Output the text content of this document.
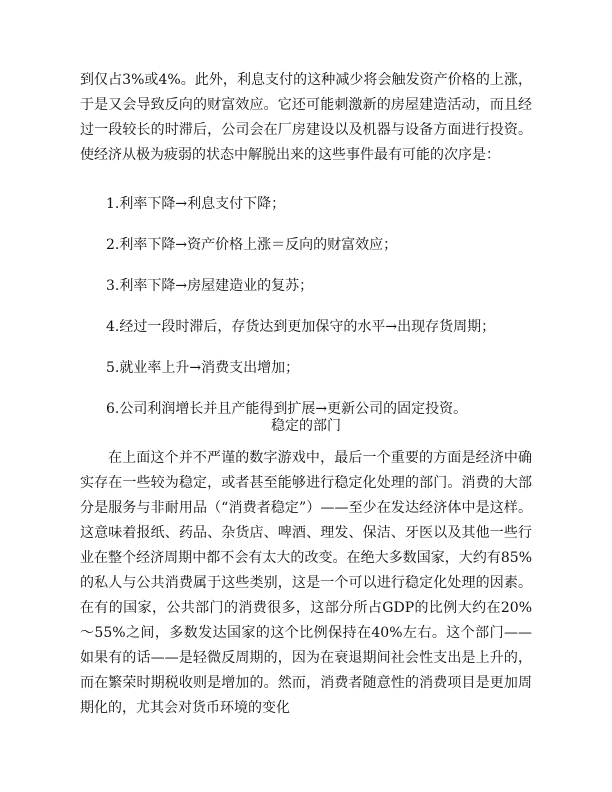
到仅占3%或4%。此外，利息支付的这种减少将会触发资产价格的上涨，于是又会导致反向的财富效应。它还可能刺激新的房屋建造活动，而且经过一段较长的时滞后，公司会在厂房建设以及机器与设备方面进行投资。使经济从极为疲弱的状态中解脱出来的这些事件最有可能的次序是：

1.利率下降→利息支付下降；
2.利率下降→资产价格上涨＝反向的财富效应；
3.利率下降→房屋建造业的复苏；
4.经过一段时滞后，存货达到更加保守的水平→出现存货周期；
5.就业率上升→消费支出增加；
6.公司利润增长并且产能得到扩展→更新公司的固定投资。
稳定的部门

在上面这个并不严谨的数字游戏中，最后一个重要的方面是经济中确实存在一些较为稳定，或者甚至能够进行稳定化处理的部门。消费的大部分是服务与非耐用品（“消费者稳定”）——至少在发达经济体中是这样。这意味着报纸、药品、杂货店、啤酒、理发、保洁、牙医以及其他一些行业在整个经济周期中都不会有太大的改变。在绝大多数国家，大约有85%的私人与公共消费属于这些类别，这是一个可以进行稳定化处理的因素。在有的国家，公共部门的消费很多，这部分所占GDP的比例大约在20%～55%之间，多数发达国家的这个比例保持在40%左右。这个部门——如果有的话——是轻微反周期的，因为在衰退期间社会性支出是上升的，而在繁荣时期税收则是增加的。然而，消费者随意性的消费项目是更加周期化的，尤其会对货币环境的变化
